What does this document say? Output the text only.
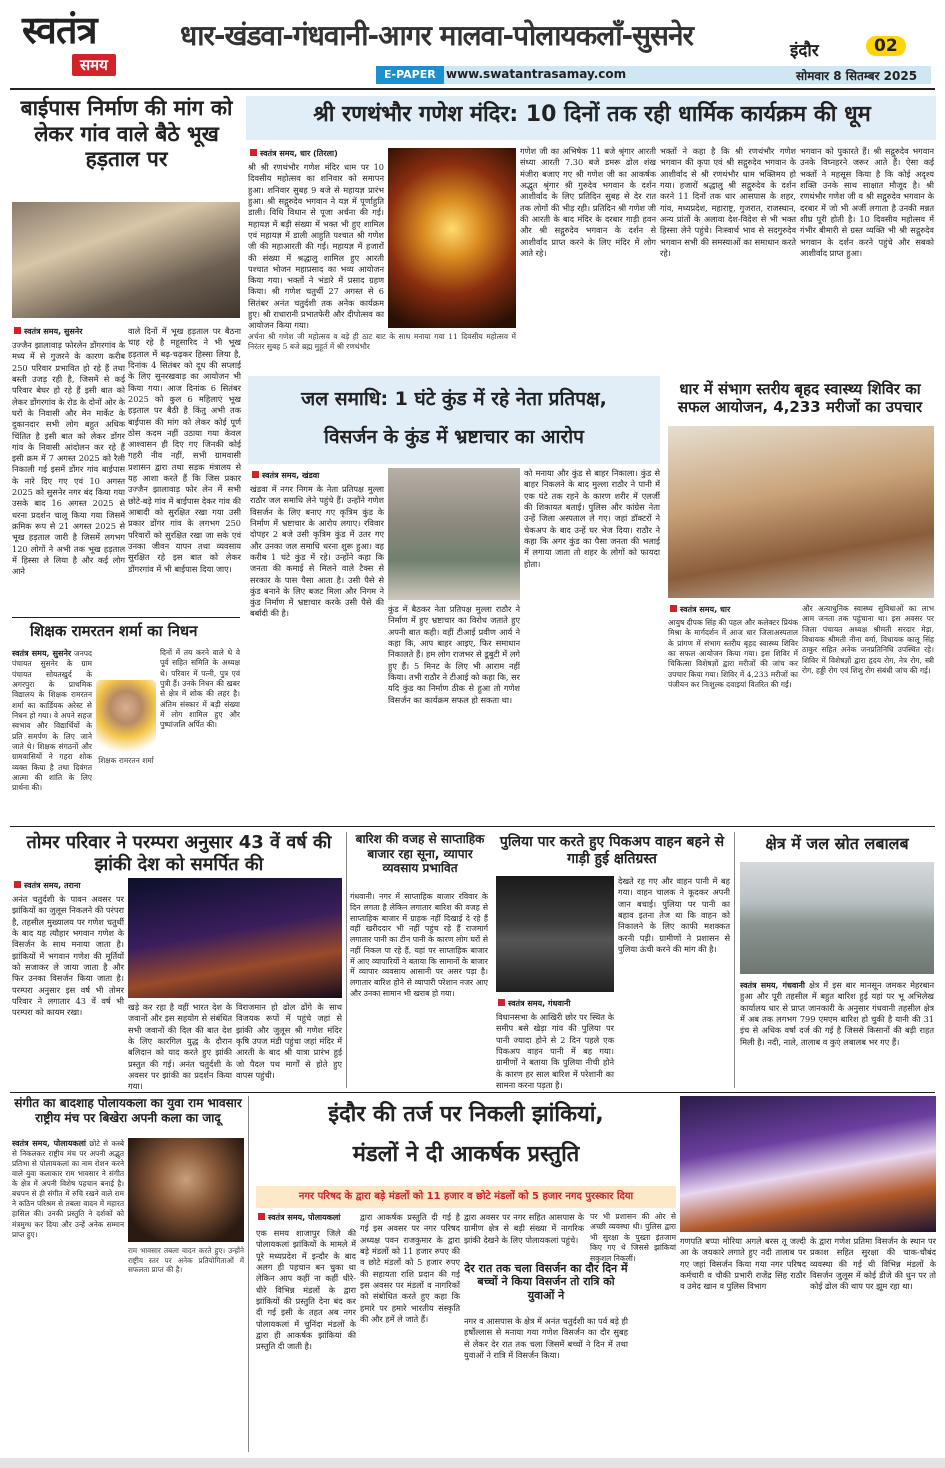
स्वतंत्र
समय
धार-खंडवा-गंधवानी-आगर मालवा-पोलायकलॉं-सुसनेर
E-PAPER www.swatantrasamay.com
इंदौर	02
सोमवार 8 सितम्बर 2025
बाईपास निर्माण की मांग को लेकर गांव वाले बैठे भूख हड़ताल पर
स्वतंत्र समय, सुसनेर
उज्जैन झालावाड़ फोरलेन डोंगरगांव के मध्य में से गुजरने के कारण करीब 250 परिवार प्रभावित हो रहे हैं तथा बस्ती उजड़ रही है, जिसमें से कई परिवार बेघर हो रहे हैं इसी बात को लेकर डोंगरगांव के रोड के दोनों ओर के घरों के निवासी और मेन मार्केट के दुकानदार सभी लोग बहुत अधिक चिंतित है इसी बात को लेकर डोंगर गांव के निवासी आंदोलन कर रहे हैं इसी क्रम में 7 अगस्त 2025 को रैली निकाली गई इसमें डोंगर गांव बाईपास के नारे दिए गए एवं 10 अगस्त 2025 को सुसनेर नगर बंद किया गया उसके बाद 16 अगस्त 2025 से धरना प्रदर्शन चालू किया गया जिसमें क्रमिक रूप से 21 अगस्त 2025 से भूख हड़ताल जारी है जिसमें लगभग 120 लोगों ने अभी तक भूख हड़ताल में हिस्सा ले लिया है और कई लोग आने
वाले दिनों में भूख हड़ताल पर बैठना चाह रहे है महूसारिद ने भी भूख हड़ताल में बढ़-चढ़कर हिस्सा लिया है, दिनांक 4 सितंबर को दूध की सप्लाई के लिए सुनरखवाड़ का आयोजन भी किया गया। आज दिनांक 6 सितंबर 2025 को कुल 6 महिलाएं भूख हड़ताल पर बैठी है किंतु अभी तक बाईपास की मांग को लेकर कोई पूर्ण ठोस कदम नहीं उठाया गया केवल आश्वासन ही दिए गए जिनकी कोई गहरी नीव नहीं, सभी ग्रामवासी प्रशासन द्वारा तथा सड़क मंत्रालय से यह आशा करते हैं कि जिस प्रकार उज्जैन झालावाड़ फोर लेन में सभी छोटे-बड़े गांव में बाईपास देकर गांव की आबादी को सुरक्षित रखा गया उसी प्रकार डोंगर गांव के लगभग 250 परिवारों को सुरक्षित रखा जा सके एवं उनका जीवन यापन तथा व्यवसाय सुरक्षित रहे इस बात को लेकर डोंगरगांव में भी बाईपास दिया जाए।
शिक्षक रामरतन शर्मा का निधन
स्वतंत्र समय, सुसनेर जनपद पंचायत सुसनेर के ग्राम पंचायत सोयतखुर्द के अगरपुरा के प्राथमिक विद्यालय के शिक्षक रामरतन शर्मा का कार्डियक अरेस्ट से निधन हो गया। वे अपने सहज स्वभाव और विद्यार्थियों के प्रति समर्पण के लिए जाने जाते थे। शिक्षक संगठनों और ग्रामवासियों ने गहरा शोक व्यक्त किया है तथा दिवंगत आत्मा की शांति के लिए प्रार्थना की।
शिक्षक रामरतन शर्मा
दिनों में तय करने वाले थे वे पूर्व सहित समिति के अध्यक्ष थे। परिवार में पत्नी, पुत्र एवं पुत्री हैं। उनके निधन की खबर से क्षेत्र में शोक की लहर है। अंतिम संस्कार में बड़ी संख्या में लोग शामिल हुए और पुष्पांजलि अर्पित की।
श्री रणथंभौर गणेश मंदिर: 10 दिनों तक रही धार्मिक कार्यक्रम की धूम
स्वतंत्र समय, धार (तिरला)
श्री श्री रणथंभौर गणेश मंदिर धाम पर 10 दिवसीय महोत्सव का शनिवार को समापन हुआ। शनिवार सुबह 9 बजे से महायज्ञ प्रारंभ हुआ। श्री सद्गुरुदेव भगवान ने यज्ञ में पूर्णाहुति डाली। विधि विधान से पूजा अर्चना की गई। महायज्ञ में बड़ी संख्या में भक्त भी हुए शामिल एवं महायज्ञ में डाली आहुति पश्चात श्री गणेश जी की महाआरती की गई। महायज्ञ में हजारों की संख्या में श्रद्धालु शामिल हुए आरती पश्चात भोजन महाप्रसाद का भव्य आयोजन किया गया। भक्तों ने भंडारे में प्रसाद ग्रहण किया। श्री गणेश चतुर्थी 27 अगस्त से 6 सितंबर अनंत चतुर्दशी तक अनेक कार्यक्रम हुए। श्री राधारानी प्रभातफेरी और दीपोत्सव का आयोजन किया गया।
अर्चना श्री गणेश जी महोत्सव व बड़े ही ठाट बाट के साथ मनाया गया 11 दिवसीय महोत्सव में निरंतर सुबह 5 बजे ब्रह्म मुहूर्त में श्री रणथंभौर
गणेश जी का अभिषेक 11 बजे श्रृंगार आरती संध्या आरती 7.30 बजे डमरू ढोल शंख मंजीरा बजाए गए श्री गणेश जी का आकर्षक अद्भुत श्रृंगार श्री गुरुदेव भगवान के दर्शन आशीर्वाद के लिए प्रतिदिन सुबह से देर रात तक लोगों की भीड़ रही। प्रतिदिन श्री गणेश जी की आरती के बाद मंदिर के दरबार गाड़ी हवन और श्री सद्गुरुदेव भगवान के दर्शन से आशीर्वाद प्राप्त करने के लिए मंदिर में लोग आते रहे।
भक्तों ने कहा है कि श्री रणथंभौर गणेश भगवान की कृपा एवं श्री सद्गुरुदेव भगवान के आशीर्वाद से श्री रणथंभौर धाम भक्तिमय हो गया। हजारों श्रद्धालु श्री सद्गुरुदेव के दर्शन करने 11 दिनों तक धार आसपास के शहर, गांव, मध्यप्रदेश, महाराष्ट्र, गुजरात, राजस्थान, अन्य प्रांतों के अलावा देश-विदेश से भी भक्त हिस्सा लेने पहुंचे। निःस्वार्थ भाव से सदगुरुदेव भगवान सभी की समस्याओं का समाधान करते रहे।
भगवान को पुकारते हैं। श्री सद्गुरुदेव भगवान उनके विघ्नहरने जरूर आते हैं। ऐसा कई भक्तों ने महसूस किया है कि कोई अदृश्य शक्ति उनके साथ साक्षात मौजूद है। श्री रणथंभौर गणेश जी व श्री सद्गुरुदेव भगवान के दरबार में जो भी अर्जी लगाता है उनकी मन्नत शीघ्र पूरी होती है। 10 दिवसीय महोत्सव में गंभीर बीमारी से ग्रस्त व्यक्ति भी श्री सद्गुरुदेव भगवान के दर्शन करने पहुंचे और सबको आशीर्वाद प्राप्त हुआ।
जल समाधि: 1 घंटे कुंड में रहे नेता प्रतिपक्ष,
विसर्जन के कुंड में भ्रष्टाचार का आरोप
स्वतंत्र समय, खंडवा
खंडवा में नगर निगम के नेता प्रतिपक्ष मुल्ला राठौर जल समाधि लेने पहुंचे हैं। उन्होंने गणेश विसर्जन के लिए बनाए गए कृत्रिम कुंड के निर्माण में भ्रष्टाचार के आरोप लगाए। रविवार दोपहर 2 बजे उसी कृत्रिम कुंड में उतर गए और उनका जल समाधि धरना शुरू हुआ। वह करीब 1 घंटे कुंड में रहे। उन्होंने कहा कि जनता की कमाई से मिलने वाले टैक्स से सरकार के पास पैसा आता है। उसी पैसे से कुंड बनाने के लिए बजट मिला और निगम ने कुंड निर्माण में भ्रष्टाचार करके उसी पैसे की बर्बादी की है।	कुंड में बैठकर नेता प्रतिपक्ष मुल्ला राठौर ने निर्माण में हुए भ्रष्टाचार का विरोध जताते हुए अपनी बात कही। वहीं टीआई प्रवीण आर्य ने कहा कि, आप बाहर आइए, फिर समाधान निकालते हैं। हम लोग राजभर से डूबुटी में लगे हुए हैं। 5 मिनट के लिए भी आराम नहीं किया। तभी राठौर ने टीआई को कहा कि, सर यदि कुंड का निर्माण ठीक से हुआ तो गणेश विसर्जन का कार्यक्रम सफल हो सकता था।
को मनाया और कुंड से बाहर निकाला। कुंड से बाहर निकलने के बाद मुल्ला राठौर ने पानी में एक घंटे तक रहने के कारण शरीर में एलर्जी की शिकायत बताई। पुलिस और कांग्रेस नेता उन्हें जिला अस्पताल ले गए। जहां डॉक्टरों ने चेकअप के बाद उन्हें घर भेज दिया। राठौर ने कहा कि अगर कुंड का पैसा जनता की भलाई में लगाया जाता तो शहर के लोगों को फायदा होता।
धार में संभाग स्तरीय बृहद स्वास्थ्य शिविर का सफल आयोजन, 4,233 मरीजों का उपचार
स्वतंत्र समय, धार
आयुष दीपक सिंह की पहल और कलेक्टर प्रियंक मिश्रा के मार्गदर्शन में आज धार जिलाअस्पताल के प्रांगण में संभाग स्तरीय बृहद स्वास्थ्य शिविर का सफल आयोजन किया गया। इस शिविर में चिकित्सा विशेषज्ञों द्वारा मरीजों की जांच कर उपचार किया गया। शिविर में 4,233 मरीजों का पंजीयन कर निःशुल्क दवाइयां वितरित की गईं।
और अत्याधुनिक स्वास्थ्य सुविधाओं का लाभ आम जनता तक पहुंचाना था। इस अवसर पर जिला पंचायत अध्यक्ष श्रीमती सरदार मेड़ा, विधायक श्रीमती नीना वर्मा, विधायक कालू सिंह ठाकुर सहित अनेक जनप्रतिनिधि उपस्थित रहे। शिविर में विशेषज्ञों द्वारा हृदय रोग, नेत्र रोग, स्त्री रोग, हड्डी रोग एवं शिशु रोग संबंधी जांच की गई।
तोमर परिवार ने परम्परा अनुसार 43 वें वर्ष की झांकी देश को समर्पित की
स्वतंत्र समय, तराना
अनंत चतुर्दशी के पावन अवसर पर झांकियों का जुलूस निकलने की परंपरा है, तहसील मुख्यालय पर गणेश चतुर्थी के बाद यह त्यौहार भगवान गणेश के विसर्जन के साथ मनाया जाता है। झांकियों में भगवान गणेश की मूर्तियों को सजाकर ले जाया जाता है और फिर उनका विसर्जन किया जाता है। परम्परा अनुसार इस वर्ष भी तोमर परिवार ने लगातार 43 वें वर्ष भी परम्परा को कायम रखा।
खड़े कर रहा है वहीं भारत देश के जवानों और इस सहयोग से संबंधित सभी जवानों की दिल की बात देश के लिए कारगिल युद्ध के दौरान बलिदान को याद करते हुए झांकी प्रस्तुत की गई। अनंत चतुर्दशी के अवसर पर झांकी का प्रदर्शन किया गया।
विराजमान हो ढोल ढोंगे के साथ विजयक रूपों में पहुंचे जहां से झांकी और जुलूस श्री गणेश मंदिर कृषि उपज मंडी पहुंचा जहां मंदिर में आरती के बाद श्री यात्रा प्रारंभ हुई जो पैदल पथ मार्गों से होते हुए वापस पहुंची।
बारिश की वजह से साप्ताहिक बाजार रहा सूना, व्यापार व्यवसाय प्रभावित
गंधवानी। नगर में साप्ताहिक बाजार रविवार के दिन लगता है लेकिन लगातार बारिश की वजह से साप्ताहिक बाजार में ग्राहक नहीं दिखाई दे रहे हैं वहीं खरीददार भी नहीं पहुंच रहे हैं राजमार्ग लगातार पानी का टीन पानी के कारण लोग घरों से नहीं निकल पा रहे हैं, यहां पर साप्ताहिक बाजार में आए व्यापारियों ने बताया कि सामानों के बाजार में व्यापार व्यवसाय आसानी पर असर पड़ा है। लगातार बारिश होने से व्यापारी परेशान नजर आए और उनका सामान भी खराब हो गया।
पुलिया पार करते हुए पिकअप वाहन बहने से गाड़ी हुई क्षतिग्रस्त
स्वतंत्र समय, गंधवानी
विधानसभा के आखिरी छोर पर स्थित के समीप बसे खेड़ा गांव की पुलिया पर पानी ज्यादा होने से 2 दिन पहले एक पिकअप वाहन पानी में बह गया। ग्रामीणों ने बताया कि पुलिया नीची होने के कारण हर साल बारिश में परेशानी का सामना करना पड़ता है।
देखते रह गए और वाहन पानी में बह गया। वाहन चालक ने कूदकर अपनी जान बचाई। पुलिया पर पानी का बहाव इतना तेज था कि वाहन को निकालने के लिए काफी मशक्कत करनी पड़ी। ग्रामीणों ने प्रशासन से पुलिया ऊंची करने की मांग की है।
क्षेत्र में जल स्रोत लबालब
स्वतंत्र समय, गंधवानी क्षेत्र में इस बार मानसून जमकर मेहरबान हुआ और पूरी तहसील में बहुत बारिश हुई यहां पर भू अभिलेख कार्यालय धार से प्राप्त जानकारी के अनुसार गंधवानी तहसील क्षेत्र में अब तक लगभग 799 एमएम बारिश हो चुकी है यानी की 31 इंच से अधिक वर्षा दर्ज की गई है जिससे किसानों की बड़ी राहत मिली है। नदी, नाले, तालाब व कुएं लबालब भर गए हैं।
संगीत का बादशाह पोलायकला का युवा राम भावसार राष्ट्रीय मंच पर बिखेरा अपनी कला का जादू
स्वतंत्र समय, पोलायकलां छोटे से कस्बे से निकलकर राष्ट्रीय मंच पर अपनी अद्भुत प्रतिभा से पोलायकलां का नाम रोशन करने वाले युवा कलाकार राम भावसार ने संगीत के क्षेत्र में अपनी विशेष पहचान बनाई है। बचपन से ही संगीत में रुचि रखने वाले राम ने कठिन परिश्रम से तबला वादन में महारत हासिल की। उनकी प्रस्तुति ने दर्शकों को मंत्रमुग्ध कर दिया और उन्हें अनेक सम्मान प्राप्त हुए।
राम भावसार तबला वादन करते हुए। उन्होंने राष्ट्रीय स्तर पर अनेक प्रतियोगिताओं में सफलता प्राप्त की है।
इंदौर की तर्ज पर निकली झांकियां,
मंडलों ने दी आकर्षक प्रस्तुति
नगर परिषद के द्वारा बड़े मंडलों को 11 हजार व छोटे मंडलों को 5 हजार नगद पुरस्कार दिया
स्वतंत्र समय, पोलायकलां
एक समय शाजापुर जिले की पोलायकलां झांकियों के मामले में पूरे मध्यप्रदेश में इन्दौर के बाद अलग ही पहचान बन चुका था लेकिन आप कहीं ना कहीं धीरे-धीरे विभिन्न मंडलों के द्वारा झांकियों की प्रस्तुति देना बंद कर दी गई इसी के तहत अब नगर पोलायकलां में चुनिंदा मंडलों के द्वारा ही आकर्षक झांकियां की प्रस्तुति दी जाती है।
द्वारा आकर्षक प्रस्तुति दी गई है गई इस अवसर पर नगर परिषद अध्यक्ष पवन राजकुमार के द्वारा बड़े मंडलों को 11 हजार रुपए की व छोटे मंडलों को 5 हजार रुपए की सहायता राशि प्रदान की गई इस अवसर पर मंडलों व नागरिकों को संबोधित करते हुए कहा कि हमारे पर हमारे भारतीय संस्कृति की और हमें ले जाते हैं।
द्वारा अवसर पर नगर सहित आसपास के ग्रामीण क्षेत्र से बड़ी संख्या में नागरिक झांकी देखने के लिए पोलायकलां पहुंचे।
देर रात तक चला विसर्जन का दौर दिन में बच्चों ने किया विसर्जन तो रात्रि को युवाओं ने
नगर व आसपास के क्षेत्र में अनंत चतुर्दशी का पर्व बड़े ही हर्षोल्लास से मनाया गया गणेश विसर्जन का दौर सुबह से लेकर देर रात तक चला जिसमें बच्चों ने दिन में तथा युवाओं ने रात्रि में विसर्जन किया।
पर भी प्रशासन की ओर से अच्छी व्यवस्था थी। पुलिस द्वारा भी सुरक्षा के पुख्ता इंतजाम किए गए थे जिससे झांकियां सकुशल निकलीं।
गणपति बप्पा मोरिया अगले बरस तू जल्दी आ के जयकारे लगाते हुए नदी तालाब पर गए जहां विसर्जन किया गया नगर परिषद कर्मचारी व चौकी प्रभारी राजेंद्र सिंह राठौर व उमेद खान व पुलिस विभाग
के द्वारा गणेश प्रतिमा विसर्जन के स्थान पर प्रकाश सहित सुरक्षा की चाक-चौबंद व्यवस्था की गई थी विभिन्न मंडलों के विसर्जन जुलूस में कोई डीजे की धुन पर तो कोई ढोल की थाप पर झूम रहा था।
